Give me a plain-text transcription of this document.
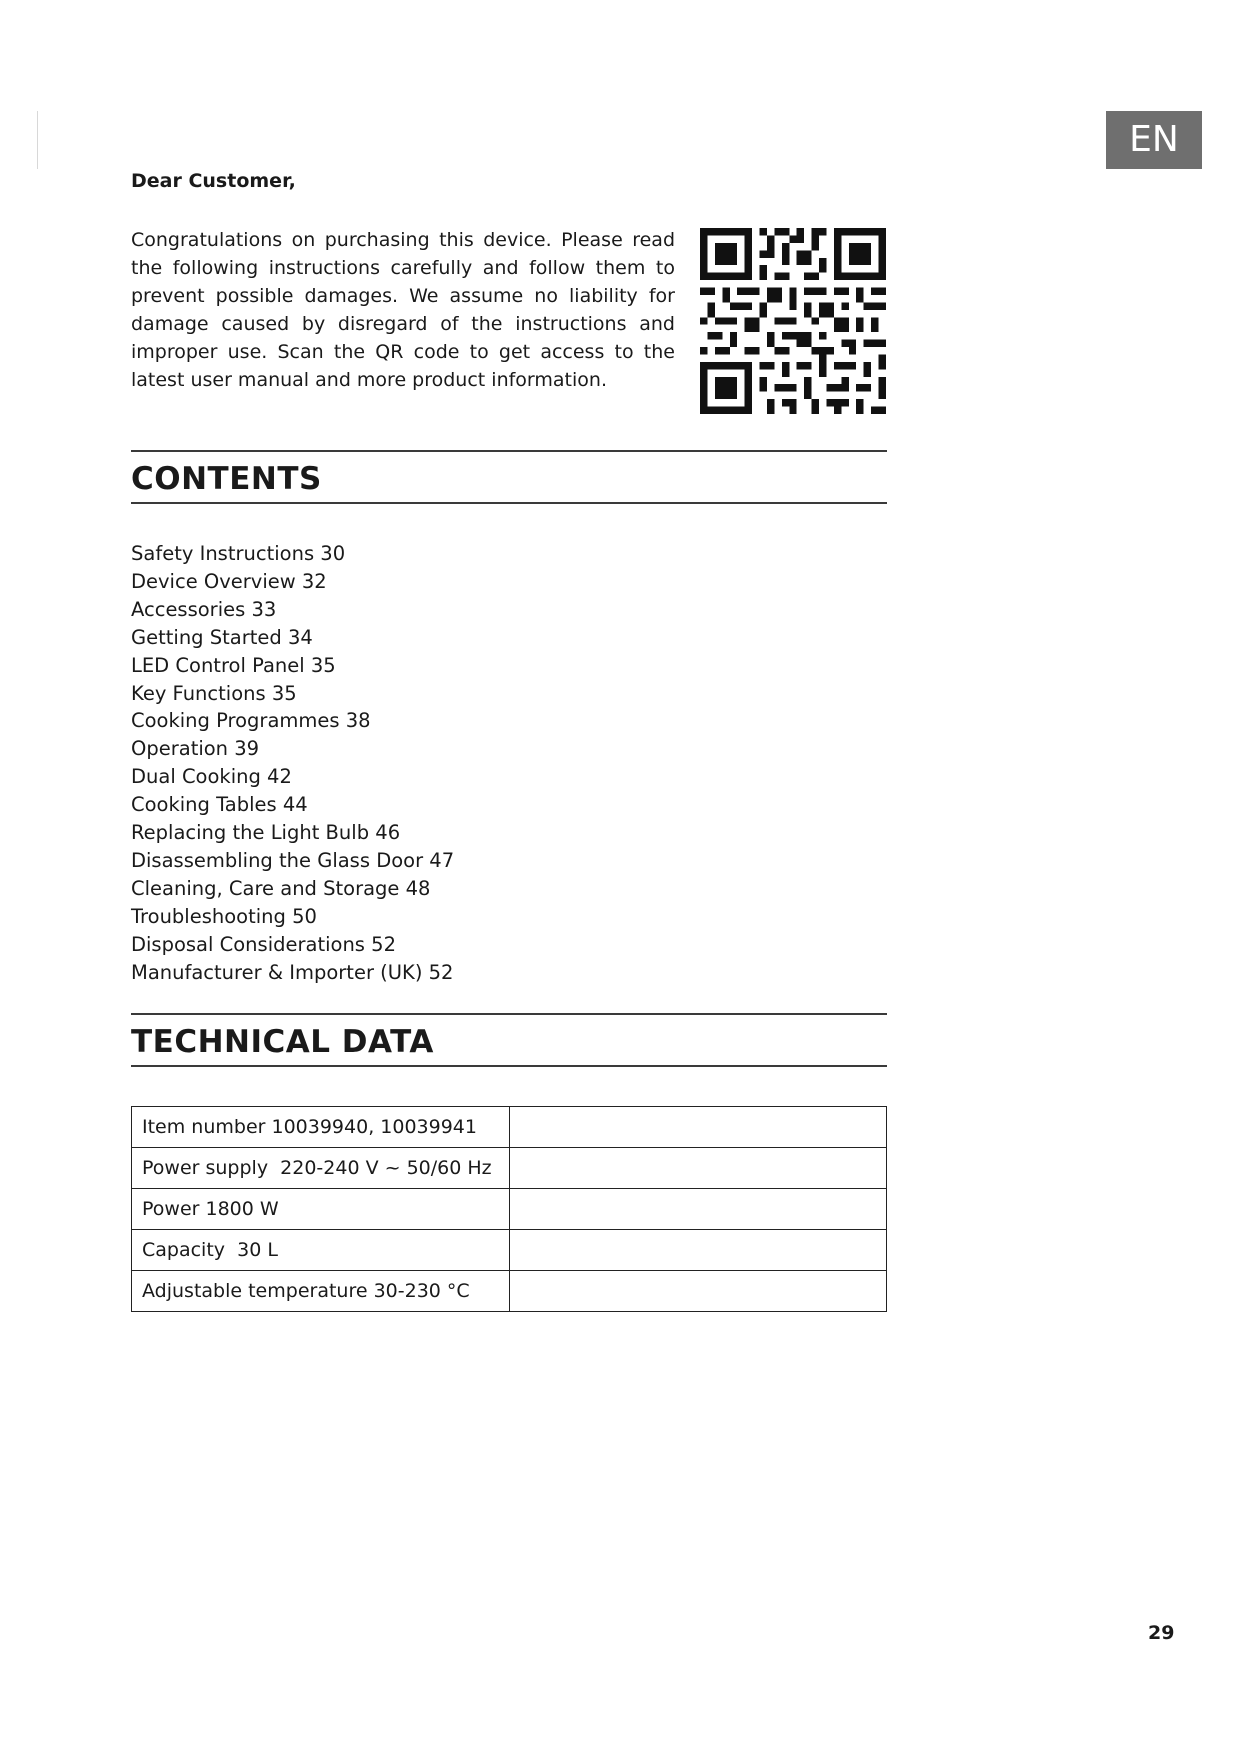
EN
Dear Customer,
Congratulations on purchasing this device. Please read the following instructions carefully and follow them to prevent possible damages. We assume no liability for damage caused by disregard of the instructions and improper use. Scan the QR code to get access to the latest user manual and more product information.
CONTENTS
Safety Instructions 30
Device Overview 32
Accessories 33
Getting Started 34
LED Control Panel 35
Key Functions 35
Cooking Programmes 38
Operation 39
Dual Cooking 42
Cooking Tables 44
Replacing the Light Bulb 46
Disassembling the Glass Door 47
Cleaning, Care and Storage 48
Troubleshooting 50
Disposal Considerations 52
Manufacturer & Importer (UK) 52
TECHNICAL DATA
Item number 10039940, 10039941	
Power supply  220-240 V ~ 50/60 Hz	
Power 1800 W	
Capacity  30 L	
Adjustable temperature 30-230 °C	
29
